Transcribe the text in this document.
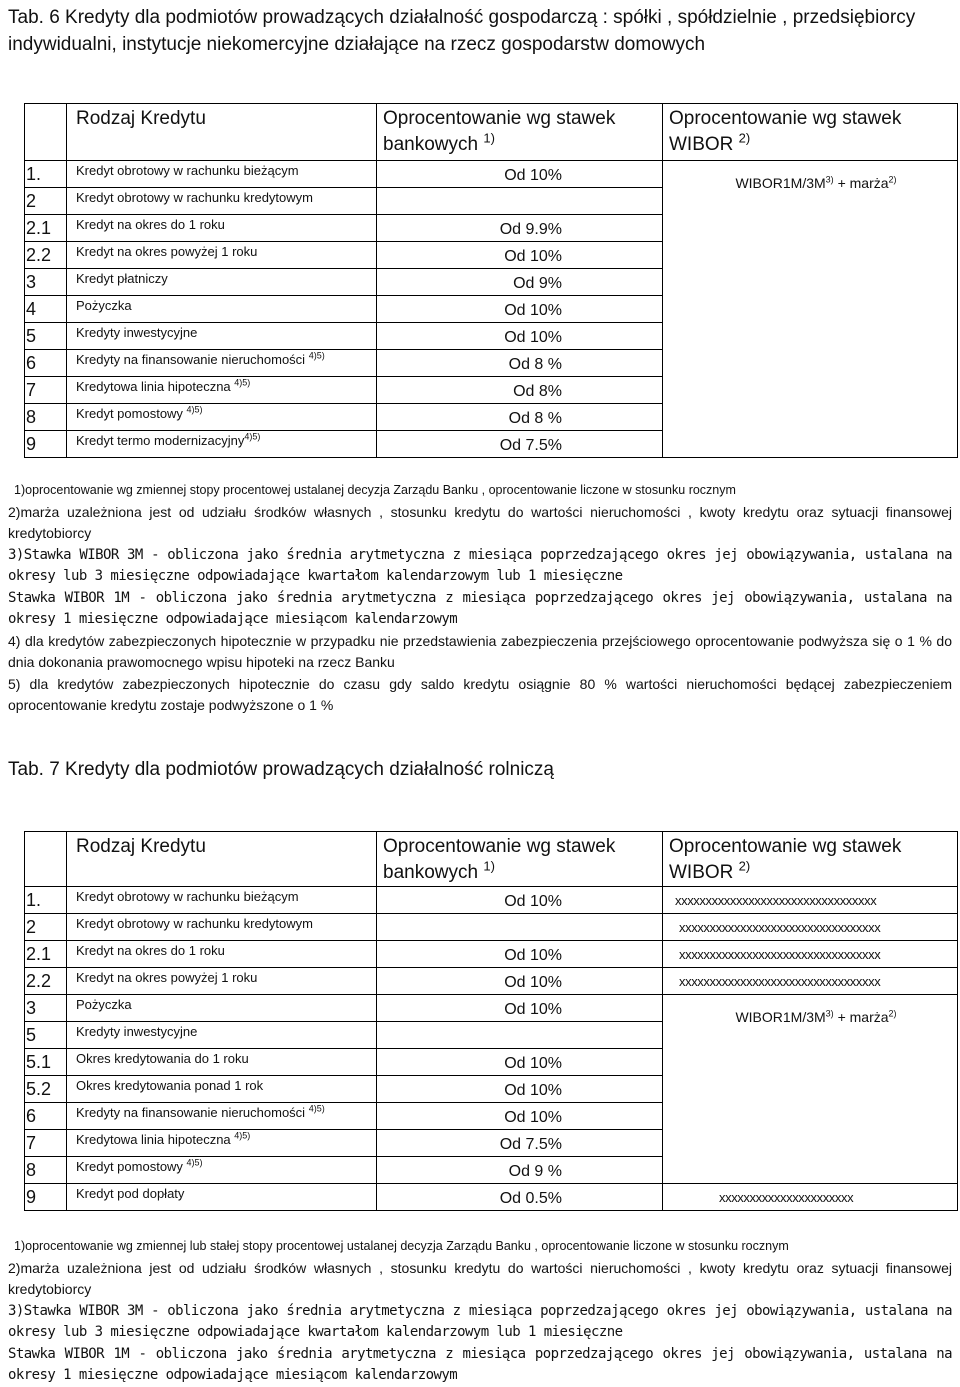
Tab. 6 Kredyty dla podmiotów prowadzących działalność gospodarczą : spółki , spółdzielnie , przedsiębiorcy indywidualni, instytucje niekomercyjne działające na rzecz gospodarstw domowych
	Rodzaj Kredytu	Oprocentowanie wg stawek bankowych $^{1)}$	Oprocentowanie wg stawek WIBOR $^{2)}$
1.	Kredyt obrotowy w rachunku bieżącym	Od 10%	$WIBOR1M/3M^{3)}$ + marża$^{2)}$

2	Kredyt obrotowy w rachunku kredytowym		
2.1	Kredyt na okres do 1 roku	Od 9.9%	
2.2	Kredyt na okres powyżej 1 roku	Od 10%	
3	Kredyt płatniczy	Od 9%	
4	Pożyczka	Od 10%	
5	Kredyty inwestycyjne	Od 10%	
6	Kredyty na finansowanie nieruchomości $^{4)5)}$	Od 8 %	
7	Kredytowa linia hipoteczna $^{4)5)}$	Od 8%	
8	Kredyt pomostowy $^{4)5)}$	Od 8 %	
9	Kredyt termo modernizacyjny$^{4)5)}$	Od 7.5%	

1)oprocentowanie wg zmiennej stopy procentowej ustalanej decyzja Zarządu Banku , oprocentowanie liczone w stosunku rocznym

2)marża uzależniona jest od udziału środków własnych , stosunku kredytu do wartości nieruchomości , kwoty kredytu oraz sytuacji finansowej kredytobiorcy

3)Stawka WIBOR 3M - obliczona jako średnia arytmetyczna z miesiąca poprzedzającego okres jej obowiązywania, ustalana na okresy lub 3 miesięczne odpowiadające kwartałom kalendarzowym lub 1 miesięczne

Stawka WIBOR 1M - obliczona jako średnia arytmetyczna z miesiąca poprzedzającego okres jej obowiązywania, ustalana na okresy 1 miesięczne odpowiadające miesiącom kalendarzowym

4) dla kredytów zabezpieczonych hipotecznie w przypadku nie przedstawienia zabezpieczenia przejściowego oprocentowanie podwyższa się o 1 % do dnia dokonania prawomocnego wpisu hipoteki na rzecz Banku

5) dla kredytów zabezpieczonych hipotecznie do czasu gdy saldo kredytu osiągnie 80 % wartości nieruchomości będącej zabezpieczeniem oprocentowanie kredytu zostaje podwyższone o 1 %

Tab. 7 Kredyty dla podmiotów prowadzących działalność rolniczą
	Rodzaj Kredytu	Oprocentowanie wg stawek bankowych $^{1)}$	Oprocentowanie wg stawek WIBOR $^{2)}$
1.	Kredyt obrotowy w rachunku bieżącym	Od 10%	xxxxxxxxxxxxxxxxxxxxxxxxxxxxxxxxx

2	Kredyt obrotowy w rachunku kredytowym		xxxxxxxxxxxxxxxxxxxxxxxxxxxxxxxxx

2.1	Kredyt na okres do 1 roku	Od 10%	xxxxxxxxxxxxxxxxxxxxxxxxxxxxxxxxx

2.2	Kredyt na okres powyżej 1 roku	Od 10%	xxxxxxxxxxxxxxxxxxxxxxxxxxxxxxxxx

3	Pożyczka	Od 10%	$WIBOR1M/3M^{3)}$ + marża$^{2)}$

5	Kredyty inwestycyjne		
5.1	Okres kredytowania do 1 roku	Od 10%	
5.2	Okres kredytowania ponad 1 rok	Od 10%	
6	Kredyty na finansowanie nieruchomości $^{4)5)}$	Od 10%	
7	Kredytowa linia hipoteczna $^{4)5)}$	Od 7.5%	
8	Kredyt pomostowy $^{4)5)}$	Od 9 %	
9	Kredyt pod dopłaty	Od 0.5%	xxxxxxxxxxxxxxxxxxxxxx

1)oprocentowanie wg zmiennej lub stałej stopy procentowej ustalanej decyzja Zarządu Banku , oprocentowanie liczone w stosunku rocznym

2)marża uzależniona jest od udziału środków własnych , stosunku kredytu do wartości nieruchomości , kwoty kredytu oraz sytuacji finansowej kredytobiorcy

3)Stawka WIBOR 3M - obliczona jako średnia arytmetyczna z miesiąca poprzedzającego okres jej obowiązywania, ustalana na okresy lub 3 miesięczne odpowiadające kwartałom kalendarzowym lub 1 miesięczne

Stawka WIBOR 1M - obliczona jako średnia arytmetyczna z miesiąca poprzedzającego okres jej obowiązywania, ustalana na okresy 1 miesięczne odpowiadające miesiącom kalendarzowym
